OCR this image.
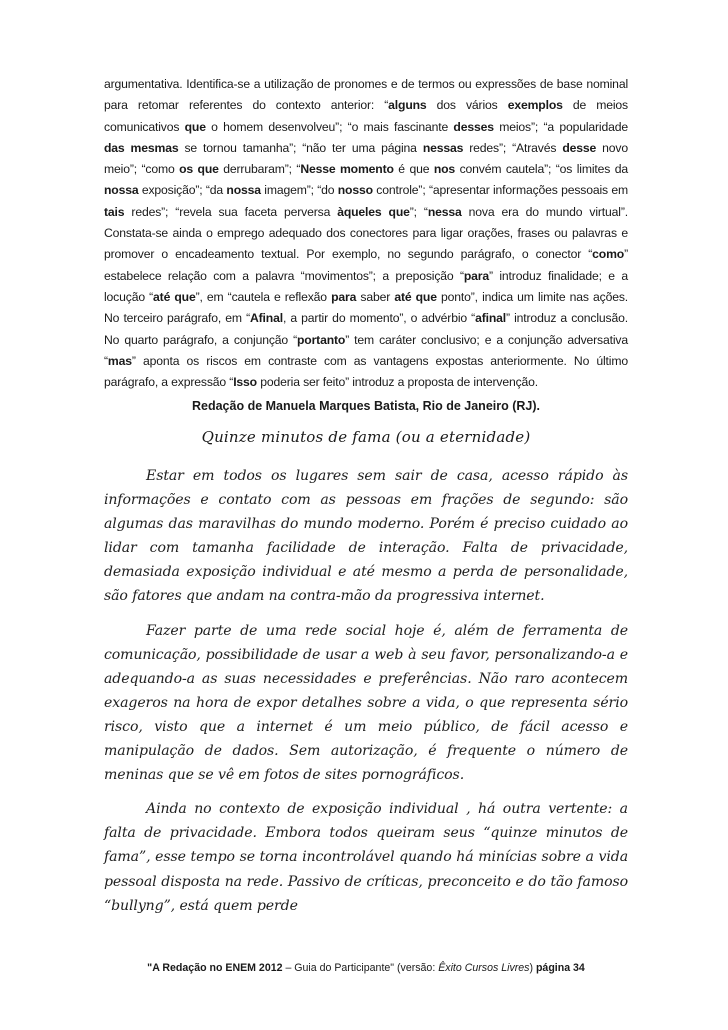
argumentativa. Identifica-se a utilização de pronomes e de termos ou expressões de base nominal para retomar referentes do contexto anterior: “alguns dos vários exemplos de meios comunicativos que o homem desenvolveu”; “o mais fascinante desses meios”; “a popularidade das mesmas se tornou tamanha”; “não ter uma página nessas redes”; “Através desse novo meio”; “como os que derrubaram”; “Nesse momento é que nos convém cautela”; “os limites da nossa exposição”; “da nossa imagem”; “do nosso controle”; “apresentar informações pessoais em tais redes”; “revela sua faceta perversa àqueles que”; “nessa nova era do mundo virtual”. Constata-se ainda o emprego adequado dos conectores para ligar orações, frases ou palavras e promover o encadeamento textual. Por exemplo, no segundo parágrafo, o conector “como” estabelece relação com a palavra “movimentos”; a preposição “para” introduz finalidade; e a locução “até que”, em “cautela e reflexão para saber até que ponto”, indica um limite nas ações. No terceiro parágrafo, em “Afinal, a partir do momento”, o advérbio “afinal” introduz a conclusão. No quarto parágrafo, a conjunção “portanto” tem caráter conclusivo; e a conjunção adversativa “mas” aponta os riscos em contraste com as vantagens expostas anteriormente. No último parágrafo, a expressão “Isso poderia ser feito” introduz a proposta de intervenção.

Redação de Manuela Marques Batista, Rio de Janeiro (RJ).

Quinze minutos de fama (ou a eternidade)

Estar em todos os lugares sem sair de casa, acesso rápido às informações e contato com as pessoas em frações de segundo: são algumas das maravilhas do mundo moderno. Porém é preciso cuidado ao lidar com tamanha facilidade de interação. Falta de privacidade, demasiada exposição individual e até mesmo a perda de personalidade, são fatores que andam na contra-mão da progressiva internet.

Fazer parte de uma rede social hoje é, além de ferramenta de comunicação, possibilidade de usar a web à seu favor, personalizando-a e adequando-a as suas necessidades e preferências. Não raro acontecem exageros na hora de expor detalhes sobre a vida, o que representa sério risco, visto que a internet é um meio público, de fácil acesso e manipulação de dados. Sem autorização, é frequente o número de meninas que se vê em fotos de sites pornográficos.

Ainda no contexto de exposição individual , há outra vertente: a falta de privacidade. Embora todos queiram seus “quinze minutos de fama”, esse tempo se torna incontrolável quando há minícias sobre a vida pessoal disposta na rede. Passivo de críticas, preconceito e do tão famoso “bullyng”, está quem perde

"A Redação no ENEM 2012 – Guia do Participante" (versão: Êxito Cursos Livres) página 34
